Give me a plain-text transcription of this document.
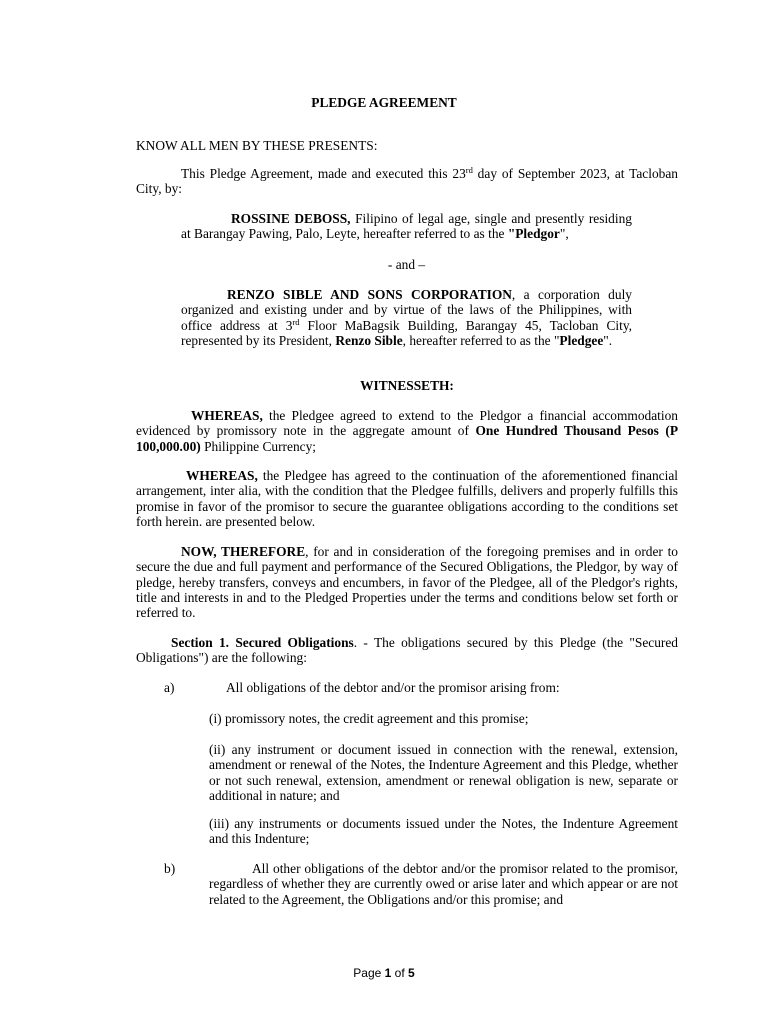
PLEDGE AGREEMENT

KNOW ALL MEN BY THESE PRESENTS:

This Pledge Agreement, made and executed this 23rd day of September 2023, at Tacloban City, by:

ROSSINE DEBOSS, Filipino of legal age, single and presently residing at Barangay Pawing, Palo, Leyte, hereafter referred to as the "Pledgor",

- and –

RENZO SIBLE AND SONS CORPORATION, a corporation duly organized and existing under and by virtue of the laws of the Philippines, with office address at 3rd Floor MaBagsik Building, Barangay 45, Tacloban City, represented by its President, Renzo Sible, hereafter referred to as the "Pledgee".

WITNESSETH:

WHEREAS, the Pledgee agreed to extend to the Pledgor a financial accommodation evidenced by promissory note in the aggregate amount of One Hundred Thousand Pesos (P 100,000.00) Philippine Currency;

WHEREAS, the Pledgee has agreed to the continuation of the aforementioned financial arrangement, inter alia, with the condition that the Pledgee fulfills, delivers and properly fulfills this promise in favor of the promisor to secure the guarantee obligations according to the conditions set forth herein. are presented below.

NOW, THEREFORE, for and in consideration of the foregoing premises and in order to secure the due and full payment and performance of the Secured Obligations, the Pledgor, by way of pledge, hereby transfers, conveys and encumbers, in favor of the Pledgee, all of the Pledgor's rights, title and interests in and to the Pledged Properties under the terms and conditions below set forth or referred to.

Section 1. Secured Obligations. - The obligations secured by this Pledge (the "Secured Obligations") are the following:

a)	All obligations of the debtor and/or the promisor arising from:

(i) promissory notes, the credit agreement and this promise;

(ii) any instrument or document issued in connection with the renewal, extension, amendment or renewal of the Notes, the Indenture Agreement and this Pledge, whether or not such renewal, extension, amendment or renewal obligation is new, separate or additional in nature; and

(iii) any instruments or documents issued under the Notes, the Indenture Agreement and this Indenture;

b)	All other obligations of the debtor and/or the promisor related to the promisor, regardless of whether they are currently owed or arise later and which appear or are not related to the Agreement, the Obligations and/or this promise; and

Page 1 of 5
